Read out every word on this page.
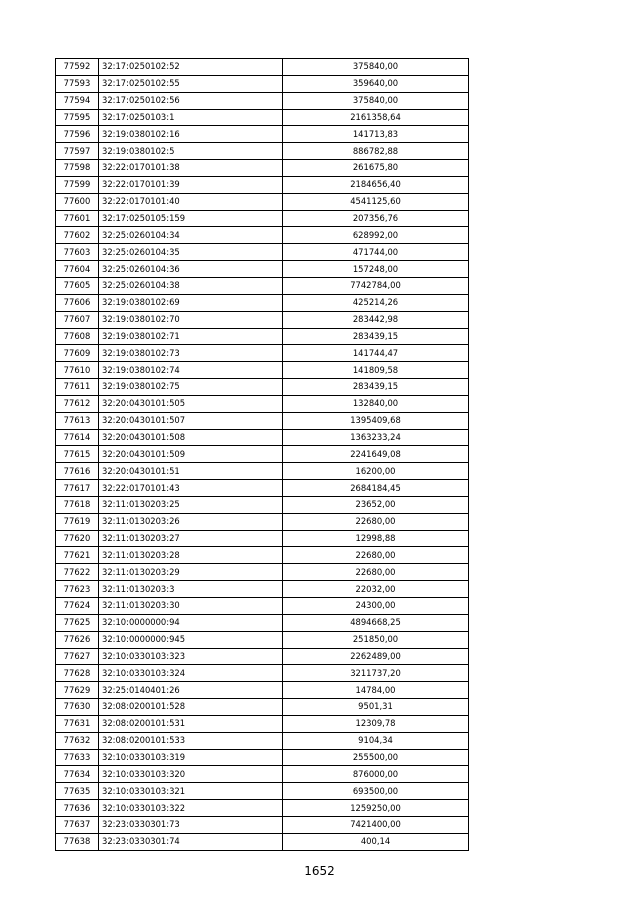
77592	32:17:0250102:52	375840,00
77593	32:17:0250102:55	359640,00
77594	32:17:0250102:56	375840,00
77595	32:17:0250103:1	2161358,64
77596	32:19:0380102:16	141713,83
77597	32:19:0380102:5	886782,88
77598	32:22:0170101:38	261675,80
77599	32:22:0170101:39	2184656,40
77600	32:22:0170101:40	4541125,60
77601	32:17:0250105:159	207356,76
77602	32:25:0260104:34	628992,00
77603	32:25:0260104:35	471744,00
77604	32:25:0260104:36	157248,00
77605	32:25:0260104:38	7742784,00
77606	32:19:0380102:69	425214,26
77607	32:19:0380102:70	283442,98
77608	32:19:0380102:71	283439,15
77609	32:19:0380102:73	141744,47
77610	32:19:0380102:74	141809,58
77611	32:19:0380102:75	283439,15
77612	32:20:0430101:505	132840,00
77613	32:20:0430101:507	1395409,68
77614	32:20:0430101:508	1363233,24
77615	32:20:0430101:509	2241649,08
77616	32:20:0430101:51	16200,00
77617	32:22:0170101:43	2684184,45
77618	32:11:0130203:25	23652,00
77619	32:11:0130203:26	22680,00
77620	32:11:0130203:27	12998,88
77621	32:11:0130203:28	22680,00
77622	32:11:0130203:29	22680,00
77623	32:11:0130203:3	22032,00
77624	32:11:0130203:30	24300,00
77625	32:10:0000000:94	4894668,25
77626	32:10:0000000:945	251850,00
77627	32:10:0330103:323	2262489,00
77628	32:10:0330103:324	3211737,20
77629	32:25:0140401:26	14784,00
77630	32:08:0200101:528	9501,31
77631	32:08:0200101:531	12309,78
77632	32:08:0200101:533	9104,34
77633	32:10:0330103:319	255500,00
77634	32:10:0330103:320	876000,00
77635	32:10:0330103:321	693500,00
77636	32:10:0330103:322	1259250,00
77637	32:23:0330301:73	7421400,00
77638	32:23:0330301:74	400,14
1652
